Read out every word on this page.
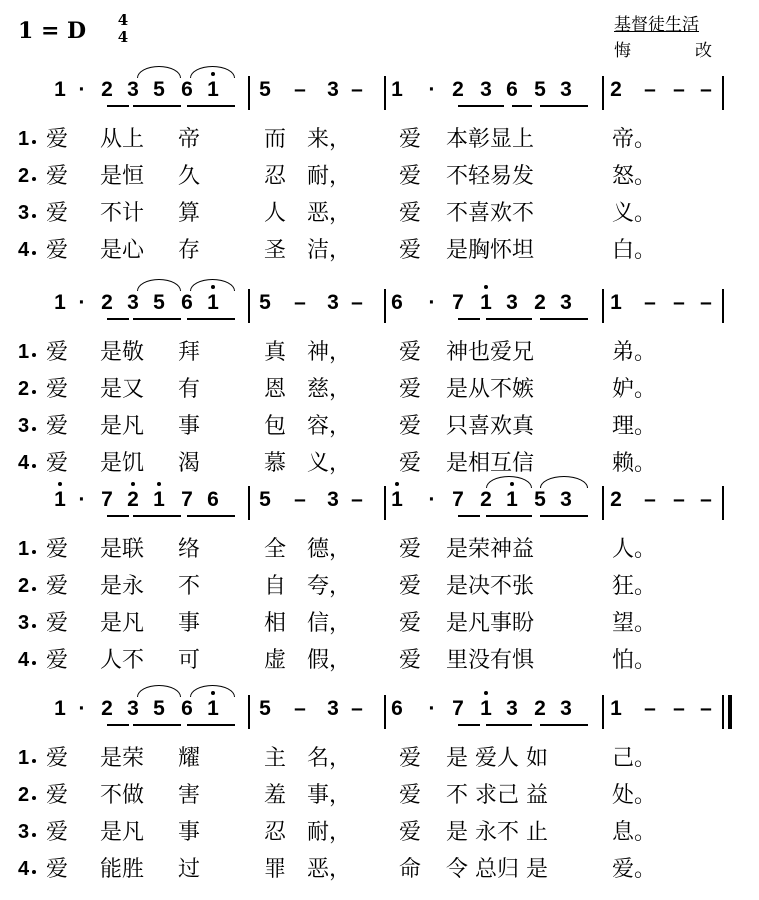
1 = D	4
4
基督徒生活
悔	改
1 · 2 3 5 6 1 5 – 3 – 1	· 2 3 6 5 3 2 – – –
1 爱 从上 帝	而 来， 爱 本彰显上	帝。
2 爱 是恒 久	忍 耐， 爱 不轻易发	怒。
3 爱 不计 算	人 恶， 爱 不喜欢不	义。
4 爱 是心 存	圣 洁， 爱 是胸怀坦	白。
1 · 2 3 5 6 1 5 – 3 – 6	· 7 1 3 2 3 1 – – –
1 爱 是敬 拜	真 神， 爱 神也爱兄	弟。
2 爱 是又 有	恩 慈， 爱 是从不嫉	妒。
3 爱 是凡 事	包 容， 爱 只喜欢真	理。
4 爱 是饥 渴	慕 义， 爱 是相互信	赖。
1 · 7 2 1 7 6 5 – 3 – 1	· 7 2 1 5 3 2 – – –
1 爱 是联 络	全 德， 爱 是荣神益	人。
2 爱 是永 不	自 夸， 爱 是决不张	狂。
3 爱 是凡 事	相 信， 爱 是凡事盼	望。
4 爱 人不 可	虚 假， 爱 里没有惧	怕。
1 · 2 3 5 6 1 5 – 3 – 6	· 7 1 3 2 3 1 – – –
1 爱 是荣 耀	主 名， 爱 是 爱人 如	己。
2 爱 不做 害	羞 事， 爱 不 求己 益	处。
3 爱 是凡 事	忍 耐， 爱 是 永不 止	息。
4 爱 能胜 过	罪 恶， 命 令 总归 是	爱。
